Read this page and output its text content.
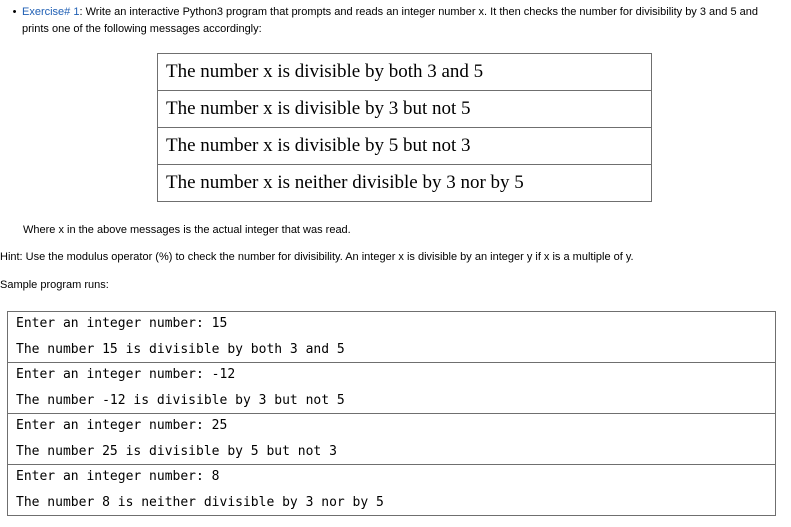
• Exercise# 1: Write an interactive Python3 program that prompts and reads an integer number x. It then checks the number for divisibility by 3 and 5 and
prints one of the following messages accordingly:
The number x is divisible by both 3 and 5
The number x is divisible by 3 but not 5
The number x is divisible by 5 but not 3
The number x is neither divisible by 3 nor by 5
Where x in the above messages is the actual integer that was read.
Hint: Use the modulus operator (%) to check the number for divisibility. An integer x is divisible by an integer y if x is a multiple of y.
Sample program runs:
Enter an integer number: 15
The number 15 is divisible by both 3 and 5
Enter an integer number: -12
The number -12 is divisible by 3 but not 5
Enter an integer number: 25
The number 25 is divisible by 5 but not 3
Enter an integer number: 8
The number 8 is neither divisible by 3 nor by 5
